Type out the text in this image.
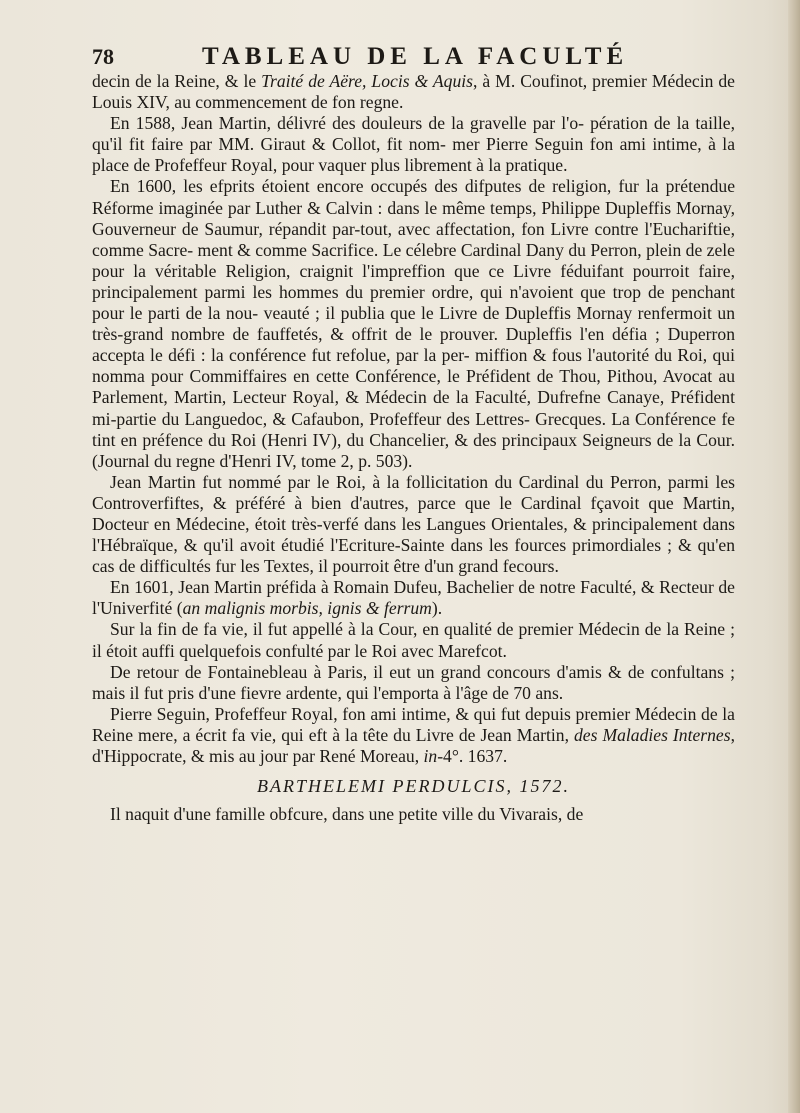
78	TABLEAU DE LA FACULTÉ

decin de la Reine, & le Traité de Aëre, Locis & Aquis, à M. Coufinot, premier Médecin de Louis XIV, au commencement de fon regne.

En 1588, Jean Martin, délivré des douleurs de la gravelle par l'o- pération de la taille, qu'il fit faire par MM. Giraut & Collot, fit nom- mer Pierre Seguin fon ami intime, à la place de Profeffeur Royal, pour vaquer plus librement à la pratique.

En 1600, les efprits étoient encore occupés des difputes de religion, fur la prétendue Réforme imaginée par Luther & Calvin : dans le même temps, Philippe Dupleffis Mornay, Gouverneur de Saumur, répandit par-tout, avec affectation, fon Livre contre l'Euchariftie, comme Sacre- ment & comme Sacrifice. Le célebre Cardinal Dany du Perron, plein de zele pour la véritable Religion, craignit l'impreffion que ce Livre féduifant pourroit faire, principalement parmi les hommes du premier ordre, qui n'avoient que trop de penchant pour le parti de la nou- veauté ; il publia que le Livre de Dupleffis Mornay renfermoit un très-grand nombre de fauffetés, & offrit de le prouver. Dupleffis l'en défia ; Duperron accepta le défi : la conférence fut refolue, par la per- miffion & fous l'autorité du Roi, qui nomma pour Commiffaires en cette Conférence, le Préfident de Thou, Pithou, Avocat au Parlement, Martin, Lecteur Royal, & Médecin de la Faculté, Dufrefne Canaye, Préfident mi-partie du Languedoc, & Cafaubon, Profeffeur des Lettres- Grecques. La Conférence fe tint en préfence du Roi (Henri IV), du Chancelier, & des principaux Seigneurs de la Cour. (Journal du regne d'Henri IV, tome 2, p. 503).

Jean Martin fut nommé par le Roi, à la follicitation du Cardinal du Perron, parmi les Controverfiftes, & préféré à bien d'autres, parce que le Cardinal fçavoit que Martin, Docteur en Médecine, étoit très-verfé dans les Langues Orientales, & principalement dans l'Hébraïque, & qu'il avoit étudié l'Ecriture-Sainte dans les fources primordiales ; & qu'en cas de difficultés fur les Textes, il pourroit être d'un grand fecours.

En 1601, Jean Martin préfida à Romain Dufeu, Bachelier de notre Faculté, & Recteur de l'Univerfité (an malignis morbis, ignis & ferrum).

Sur la fin de fa vie, il fut appellé à la Cour, en qualité de premier Médecin de la Reine ; il étoit auffi quelquefois confulté par le Roi avec Marefcot.

De retour de Fontainebleau à Paris, il eut un grand concours d'amis & de confultans ; mais il fut pris d'une fievre ardente, qui l'emporta à l'âge de 70 ans.

Pierre Seguin, Profeffeur Royal, fon ami intime, & qui fut depuis premier Médecin de la Reine mere, a écrit fa vie, qui eft à la tête du Livre de Jean Martin, des Maladies Internes, d'Hippocrate, & mis au jour par René Moreau, in-4°. 1637.

BARTHELEMI PERDULCIS, 1572.

Il naquit d'une famille obfcure, dans une petite ville du Vivarais, de
